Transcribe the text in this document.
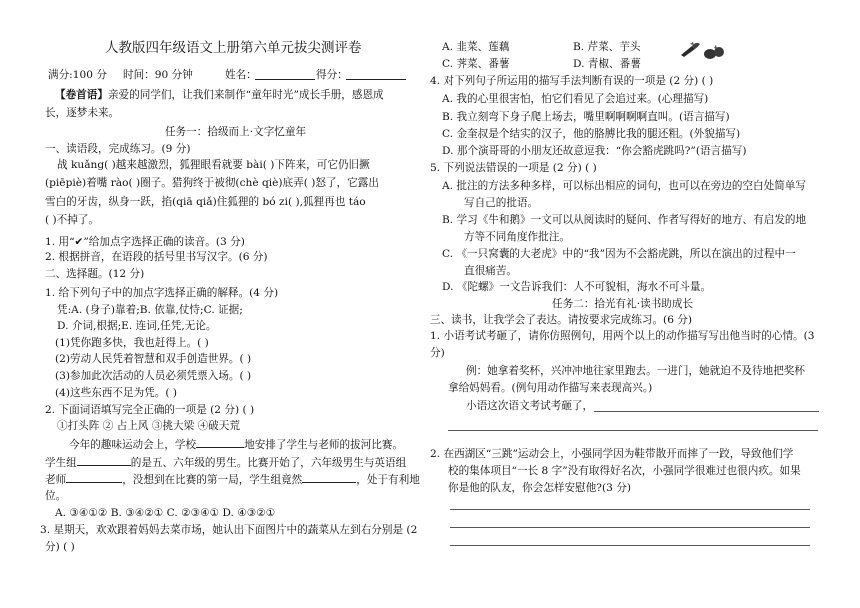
人教版四年级语文上册第六单元拔尖测评卷
满分:100 分 时间：90 分钟	姓名：	得分：
【卷首语】亲爱的同学们，让我们来制作“童年时光”成长手册，感恩成
长，逐梦未来。
任务一：拾级而上·文字忆童年
一、读语段，完成练习。(9 分)
战 kuǎng( )越来越激烈，狐狸眼看就要 bài( )下阵来，可它仍旧撅
(piēpiè)着嘴 rào( )圈子。猎狗终于被彻(chè qiè)底弄( )怒了，它露出
雪白的牙齿，纵身一跃，掐(qiā qiǎ)住狐狸的 bó zi( ),狐狸再也 táo
( )不掉了。
1. 用“✔”给加点字选择正确的读音。(3 分)
2. 根据拼音，在语段的括号里书写汉字。(6 分)
二、选择题。(12 分)
1. 给下列句子中的加点字选择正确的解释。(4 分)
凭:A. (身子)靠着;B. 依靠,仗恃;C. 证据;
D. 介词,根据;E. 连词,任凭,无论。
(1)凭你跑多快，我也赶得上。( )
(2)劳动人民凭着智慧和双手创造世界。( )
(3)参加此次活动的人员必须凭票入场。( )
(4)这些东西不足为凭。( )
2. 下面词语填写完全正确的一项是 (2 分) ( )
①打头阵 ② 占上风 ③挑大梁 ④破天荒
今年的趣味运动会上，学校	地安排了学生与老师的拔河比赛。
学生组	的是五、六年级的男生。比赛开始了，六年级男生与英语组
老师	，没想到在比赛的第一局，学生组竟然	，处于有利地
位。
A. ③④①② B. ③④②① C. ②③④① D. ④③②①
3. 星期天，欢欢跟着妈妈去菜市场，她认出下面图片中的蔬菜从左到右分别是 (2
分) ( )
A. 韭菜、莲藕	B. 芹菜、芋头
C. 荠菜、番薯	D. 青椒、番薯
4. 对下列句子所运用的描写手法判断有误的一项是 (2 分) ( )
A. 我的心里很害怕，怕它们看见了会追过来。(心理描写)
B. 我立刻弯下身子爬上场去，嘴里啊啊啊啊直叫。(语言描写)
C. 金奎叔是个结实的汉子，他的胳膊比我的腿还粗。(外貌描写)
D. 那个演哥哥的小朋友还故意逗我：“你会豁虎跳吗?”(语言描写)
5. 下列说法错误的一项是 (2 分) ( )
A. 批注的方法多种多样，可以标出相应的词句，也可以在旁边的空白处简单写
写自己的批语。
B. 学习《牛和鹅》一文可以从阅读时的疑问、作者写得好的地方、有启发的地
方等不同角度作批注。
C. 《一只窝囊的大老虎》中的“我”因为不会豁虎跳，所以在演出的过程中一
直很痛苦。
D. 《陀螺》一文告诉我们：人不可貌相，海水不可斗量。
任务二：拾光有礼·读书助成长
三、读书，让我学会了表达。请按要求完成练习。(6 分)
1. 小语考试考砸了，请你仿照例句，用两个以上的动作描写写出他当时的心情。(3
分)
例：她拿着奖杯，兴冲冲地往家里跑去。一进门，她就迫不及待地把奖杯
拿给妈妈看。(例句用动作描写来表现高兴。)
小语这次语文考试考砸了，
2. 在西湖区“三跳”运动会上，小强同学因为鞋带散开而摔了一跤，导致他们学
校的集体项目“一长 8 字”没有取得好名次，小强同学很难过也很内疚。如果
你是他的队友，你会怎样安慰他?(3 分)
